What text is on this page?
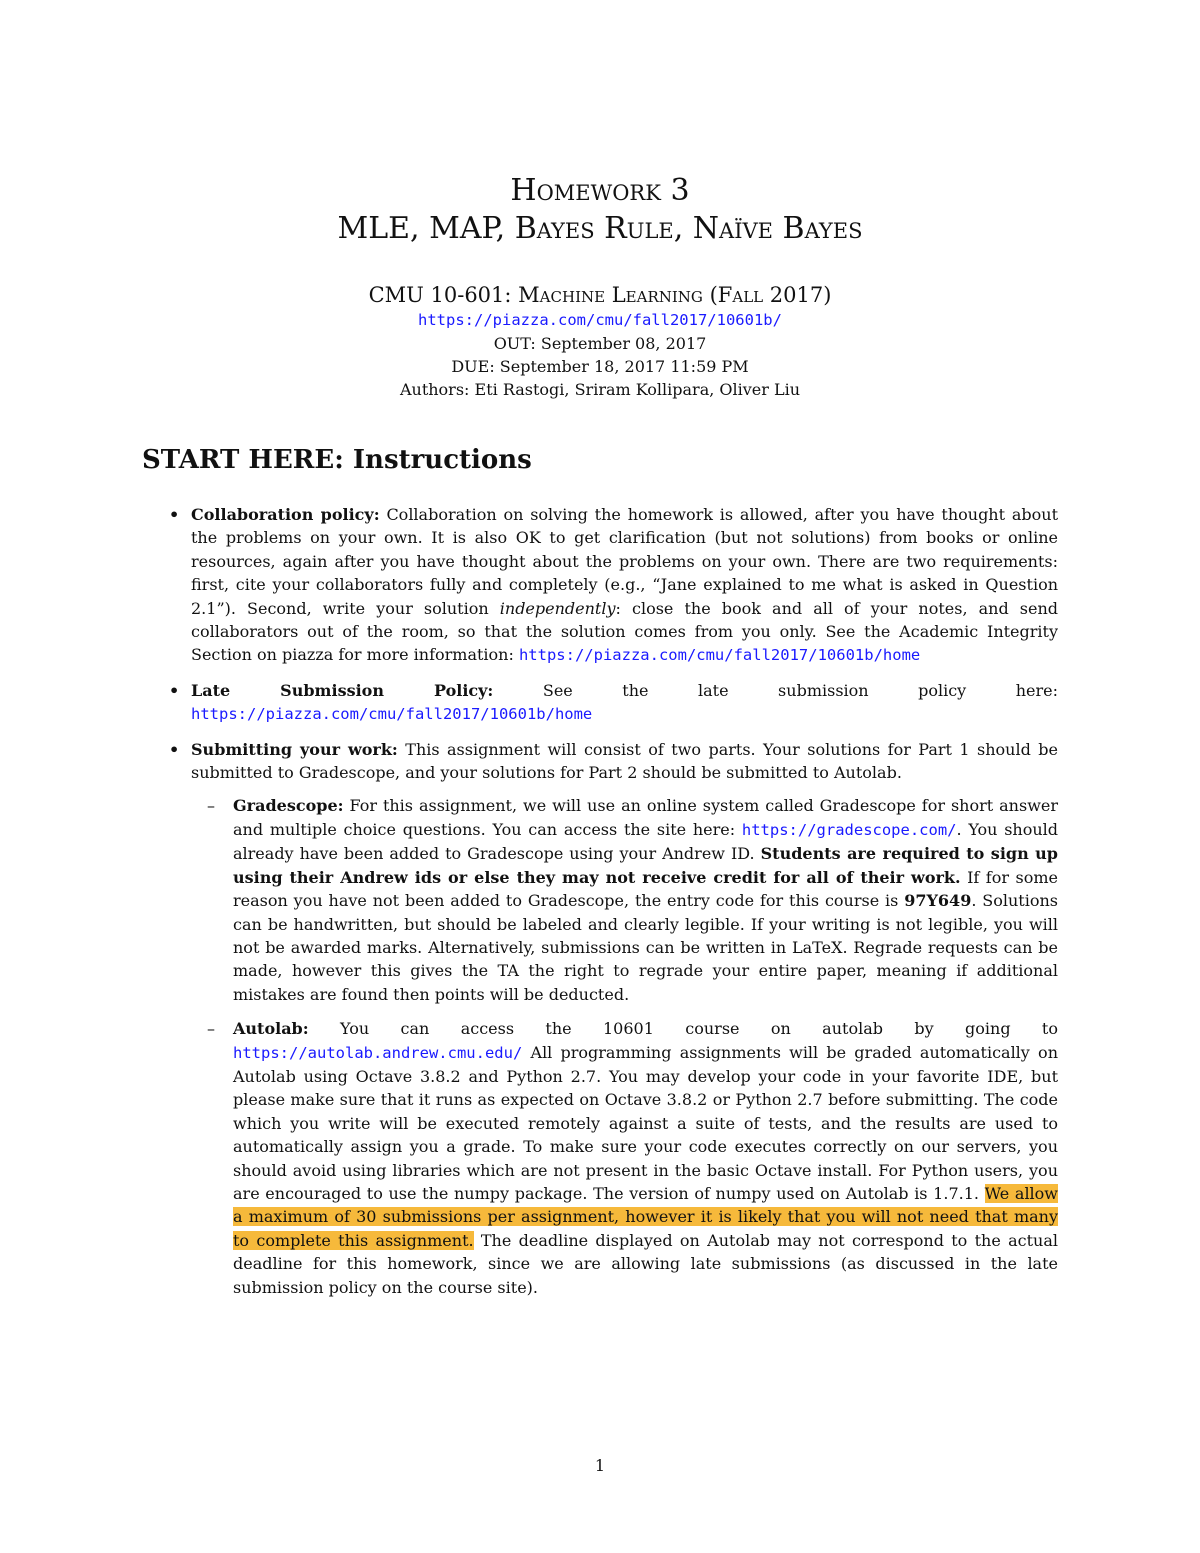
Homework 3
MLE, MAP, Bayes Rule, Naïve Bayes
CMU 10-601: Machine Learning (Fall 2017)
https://piazza.com/cmu/fall2017/10601b/
OUT: September 08, 2017
DUE: September 18, 2017 11:59 PM
Authors: Eti Rastogi, Sriram Kollipara, Oliver Liu
START HERE: Instructions
• Collaboration policy: Collaboration on solving the homework is allowed, after you have thought about the problems on your own. It is also OK to get clarification (but not solutions) from books or online resources, again after you have thought about the problems on your own. There are two requirements: first, cite your collaborators fully and completely (e.g., “Jane explained to me what is asked in Question 2.1”). Second, write your solution independently: close the book and all of your notes, and send collaborators out of the room, so that the solution comes from you only. See the Academic Integrity Section on piazza for more information: https://piazza.com/cmu/fall2017/10601b/home
• Late Submission Policy: See the late submission policy here: https://piazza.com/cmu/fall2017/10601b/home
• Submitting your work: This assignment will consist of two parts. Your solutions for Part 1 should be submitted to Gradescope, and your solutions for Part 2 should be submitted to Autolab.
– Gradescope: For this assignment, we will use an online system called Gradescope for short answer and multiple choice questions. You can access the site here: https://gradescope.com/. You should already have been added to Gradescope using your Andrew ID. Students are required to sign up using their Andrew ids or else they may not receive credit for all of their work. If for some reason you have not been added to Gradescope, the entry code for this course is 97Y649. Solutions can be handwritten, but should be labeled and clearly legible. If your writing is not legible, you will not be awarded marks. Alternatively, submissions can be written in LaTeX. Regrade requests can be made, however this gives the TA the right to regrade your entire paper, meaning if additional mistakes are found then points will be deducted.
– Autolab: You can access the 10601 course on autolab by going to https://autolab.andrew.cmu.edu/ All programming assignments will be graded automatically on Autolab using Octave 3.8.2 and Python 2.7. You may develop your code in your favorite IDE, but please make sure that it runs as expected on Octave 3.8.2 or Python 2.7 before submitting. The code which you write will be executed remotely against a suite of tests, and the results are used to automatically assign you a grade. To make sure your code executes correctly on our servers, you should avoid using libraries which are not present in the basic Octave install. For Python users, you are encouraged to use the numpy package. The version of numpy used on Autolab is 1.7.1. We allow a maximum of 30 submissions per assignment, however it is likely that you will not need that many to complete this assignment. The deadline displayed on Autolab may not correspond to the actual deadline for this homework, since we are allowing late submissions (as discussed in the late submission policy on the course site).
1
